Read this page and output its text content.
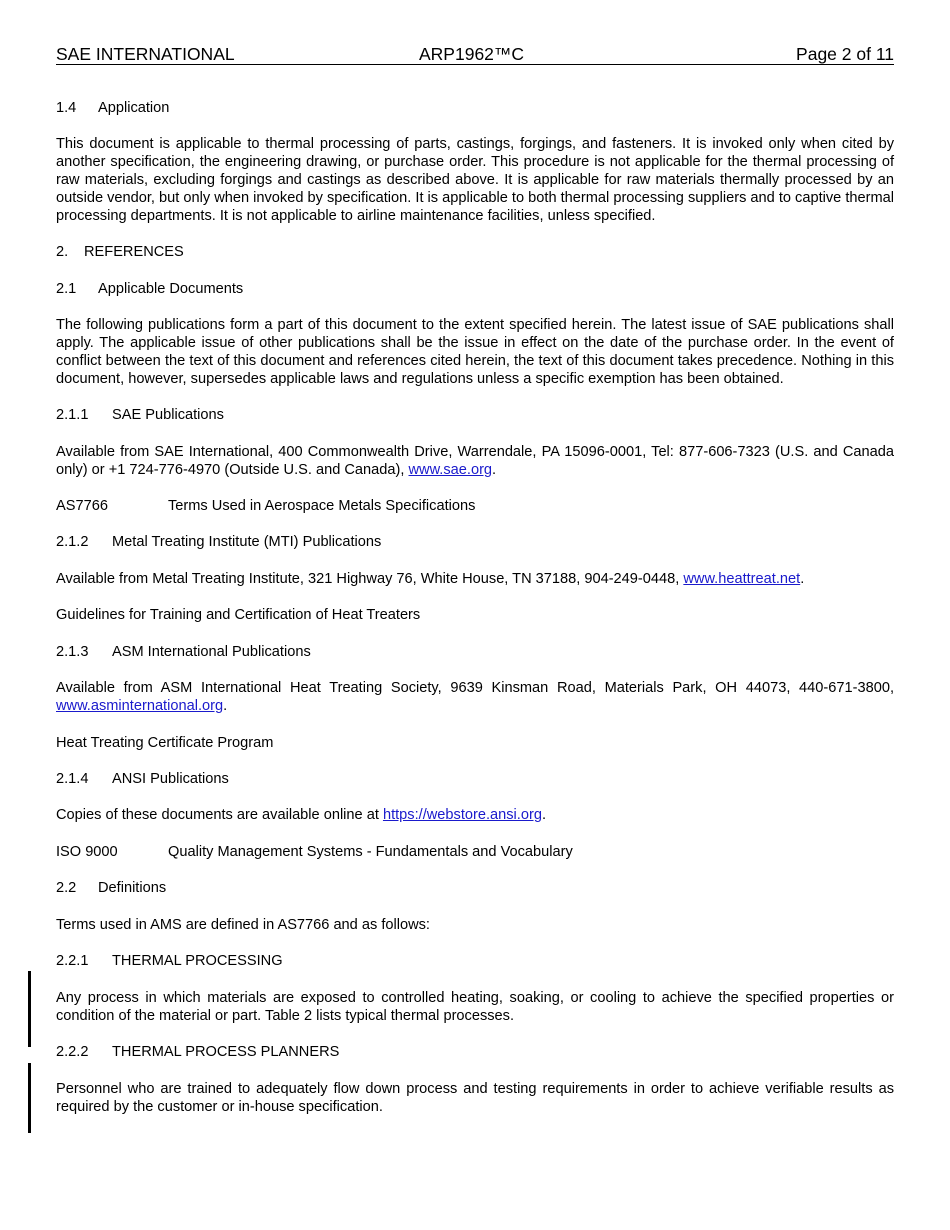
SAE INTERNATIONAL	ARP1962™C	Page 2 of 11

1.4 Application

This document is applicable to thermal processing of parts, castings, forgings, and fasteners. It is invoked only when cited by another specification, the engineering drawing, or purchase order. This procedure is not applicable for the thermal processing of raw materials, excluding forgings and castings as described above. It is applicable for raw materials thermally processed by an outside vendor, but only when invoked by specification. It is applicable to both thermal processing suppliers and to captive thermal processing departments. It is not applicable to airline maintenance facilities, unless specified.

2. REFERENCES

2.1 Applicable Documents

The following publications form a part of this document to the extent specified herein. The latest issue of SAE publications shall apply. The applicable issue of other publications shall be the issue in effect on the date of the purchase order. In the event of conflict between the text of this document and references cited herein, the text of this document takes precedence. Nothing in this document, however, supersedes applicable laws and regulations unless a specific exemption has been obtained.

2.1.1 SAE Publications

Available from SAE International, 400 Commonwealth Drive, Warrendale, PA 15096-0001, Tel: 877-606-7323 (U.S. and Canada only) or +1 724-776-4970 (Outside U.S. and Canada), www.sae.org.

AS7766	Terms Used in Aerospace Metals Specifications

2.1.2 Metal Treating Institute (MTI) Publications

Available from Metal Treating Institute, 321 Highway 76, White House, TN 37188, 904-249-0448, www.heattreat.net.

Guidelines for Training and Certification of Heat Treaters

2.1.3 ASM International Publications

Available from ASM International Heat Treating Society, 9639 Kinsman Road, Materials Park, OH 44073, 440-671-3800, www.asminternational.org.

Heat Treating Certificate Program

2.1.4 ANSI Publications

Copies of these documents are available online at https://webstore.ansi.org.

ISO 9000	Quality Management Systems - Fundamentals and Vocabulary

2.2 Definitions

Terms used in AMS are defined in AS7766 and as follows:

2.2.1 THERMAL PROCESSING

Any process in which materials are exposed to controlled heating, soaking, or cooling to achieve the specified properties or condition of the material or part. Table 2 lists typical thermal processes.

2.2.2 THERMAL PROCESS PLANNERS

Personnel who are trained to adequately flow down process and testing requirements in order to achieve verifiable results as required by the customer or in-house specification.
